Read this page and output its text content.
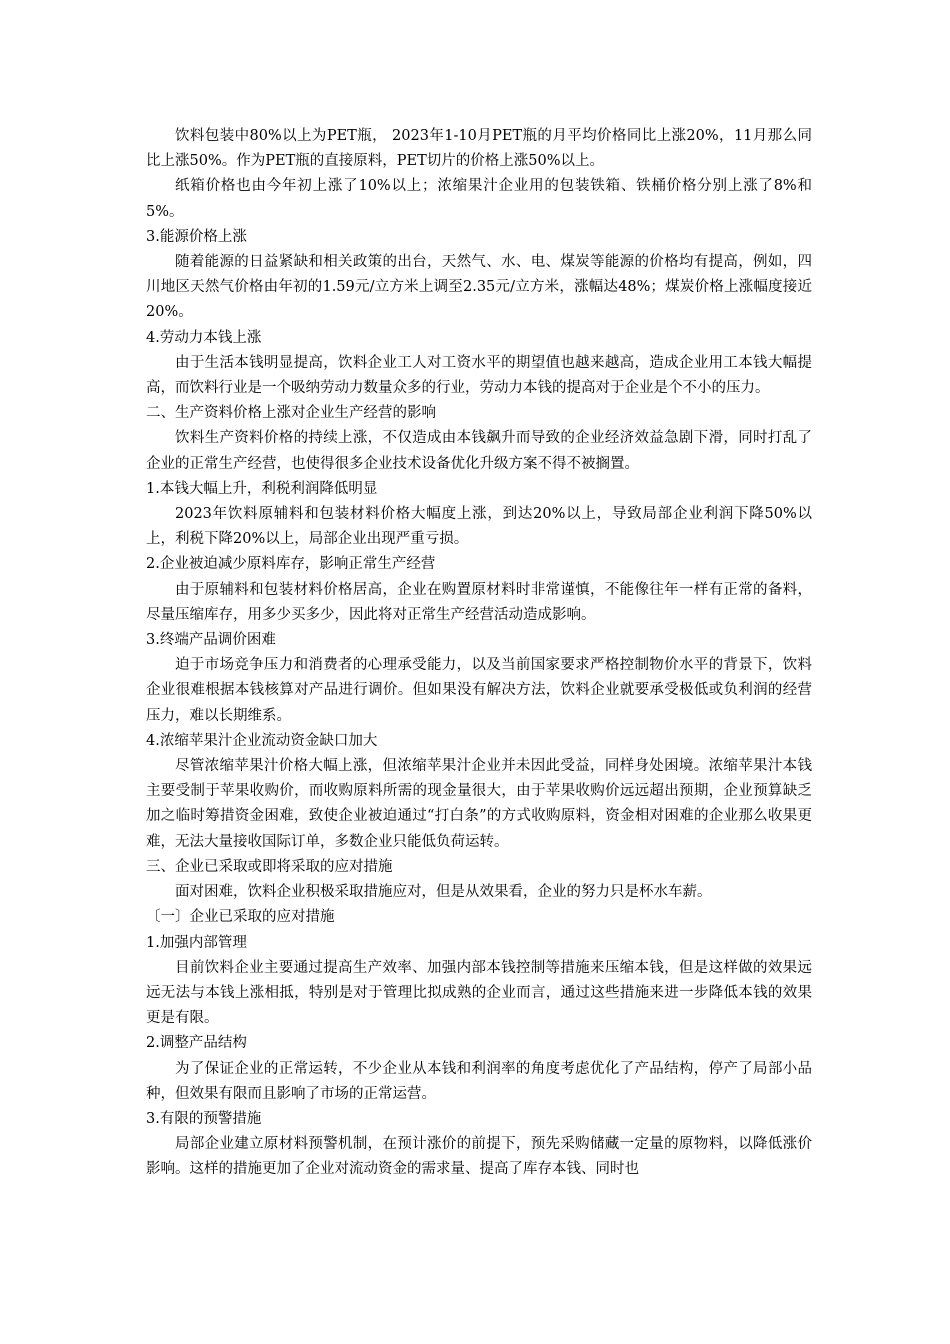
饮料包装中80%以上为PET瓶， 2023年1-10月PET瓶的月平均价格同比上涨20%，11月那么同比上涨50%。作为PET瓶的直接原料，PET切片的价格上涨50%以上。

纸箱价格也由今年初上涨了10%以上；浓缩果汁企业用的包装铁箱、铁桶价格分别上涨了8%和5%。

3.能源价格上涨

随着能源的日益紧缺和相关政策的出台，天然气、水、电、煤炭等能源的价格均有提高，例如，四川地区天然气价格由年初的1.59元/立方米上调至2.35元/立方米，涨幅达48%；煤炭价格上涨幅度接近20%。

4.劳动力本钱上涨

由于生活本钱明显提高，饮料企业工人对工资水平的期望值也越来越高，造成企业用工本钱大幅提高，而饮料行业是一个吸纳劳动力数量众多的行业，劳动力本钱的提高对于企业是个不小的压力。

二、生产资料价格上涨对企业生产经营的影响

饮料生产资料价格的持续上涨，不仅造成由本钱飙升而导致的企业经济效益急剧下滑，同时打乱了企业的正常生产经营，也使得很多企业技术设备优化升级方案不得不被搁置。

1.本钱大幅上升，利税利润降低明显

2023年饮料原辅料和包装材料价格大幅度上涨，到达20%以上，导致局部企业利润下降50%以上，利税下降20%以上，局部企业出现严重亏损。

2.企业被迫减少原料库存，影响正常生产经营

由于原辅料和包装材料价格居高，企业在购置原材料时非常谨慎，不能像往年一样有正常的备料，尽量压缩库存，用多少买多少，因此将对正常生产经营活动造成影响。

3.终端产品调价困难

迫于市场竞争压力和消费者的心理承受能力，以及当前国家要求严格控制物价水平的背景下，饮料企业很难根据本钱核算对产品进行调价。但如果没有解决方法，饮料企业就要承受极低或负利润的经营压力，难以长期维系。

4.浓缩苹果汁企业流动资金缺口加大

尽管浓缩苹果汁价格大幅上涨，但浓缩苹果汁企业并未因此受益，同样身处困境。浓缩苹果汁本钱主要受制于苹果收购价，而收购原料所需的现金量很大，由于苹果收购价远远超出预期，企业预算缺乏加之临时筹措资金困难，致使企业被迫通过“打白条”的方式收购原料，资金相对困难的企业那么收果更难，无法大量接收国际订单，多数企业只能低负荷运转。

三、企业已采取或即将采取的应对措施

面对困难，饮料企业积极采取措施应对，但是从效果看，企业的努力只是杯水车薪。

〔一〕企业已采取的应对措施

1.加强内部管理

目前饮料企业主要通过提高生产效率、加强内部本钱控制等措施来压缩本钱，但是这样做的效果远远无法与本钱上涨相抵，特别是对于管理比拟成熟的企业而言，通过这些措施来进一步降低本钱的效果更是有限。

2.调整产品结构

为了保证企业的正常运转，不少企业从本钱和利润率的角度考虑优化了产品结构，停产了局部小品种，但效果有限而且影响了市场的正常运营。

3.有限的预警措施

局部企业建立原材料预警机制，在预计涨价的前提下，预先采购储藏一定量的原物料，以降低涨价影响。这样的措施更加了企业对流动资金的需求量、提高了库存本钱、同时也
